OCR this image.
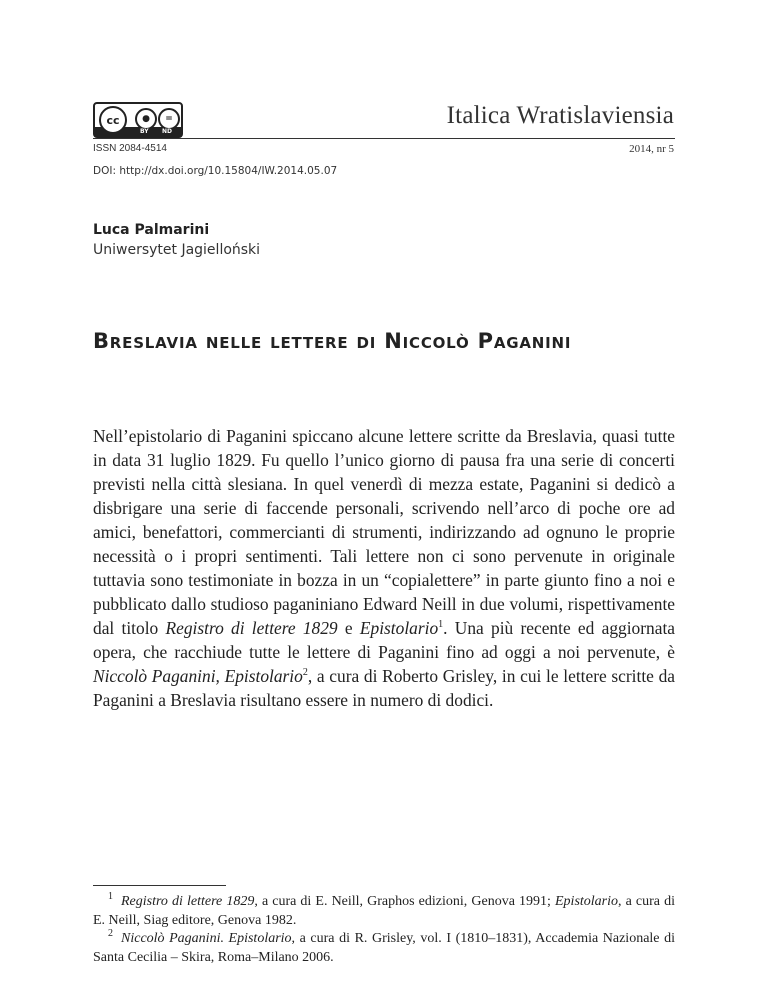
cc	●	=
BY ND
Italica Wratislaviensia
ISSN 2084-4514	2014, nr 5
DOI: http://dx.doi.org/10.15804/IW.2014.05.07
Luca Palmarini
Uniwersytet Jagielloński
Breslavia nelle lettere di Niccolò Paganini

Nell’epistolario di Paganini spiccano alcune lettere scritte da Breslavia, quasi tutte in data 31 luglio 1829. Fu quello l’unico giorno di pausa fra una serie di concerti previsti nella città slesiana. In quel venerdì di mezza estate, Paganini si dedicò a disbrigare una serie di faccende personali, scrivendo nell’arco di poche ore ad amici, benefattori, commercianti di strumenti, indirizzando ad ognuno le proprie necessità o i propri sentimenti. Tali lettere non ci sono pervenute in originale tuttavia sono testimoniate in bozza in un “copialettere” in parte giunto fino a noi e pubblicato dallo studioso paganiniano Edward Neill in due volumi, rispettivamente dal titolo Registro di lettere 1829 e Epistolario$^1$. Una più recente ed aggiornata opera, che racchiude tutte le lettere di Paganini fino ad oggi a noi pervenute, è Niccolò Paganini, Epistolario$^2$, a cura di Roberto Grisley, in cui le lettere scritte da Paganini a Breslavia risultano essere in numero di dodici.

$^1$ Registro di lettere 1829, a cura di E. Neill, Graphos edizioni, Genova 1991; Epistolario, a cura di E. Neill, Siag editore, Genova 1982.

$^2$ Niccolò Paganini. Epistolario, a cura di R. Grisley, vol. I (1810–1831), Accademia Nazionale di Santa Cecilia – Skira, Roma–Milano 2006.
